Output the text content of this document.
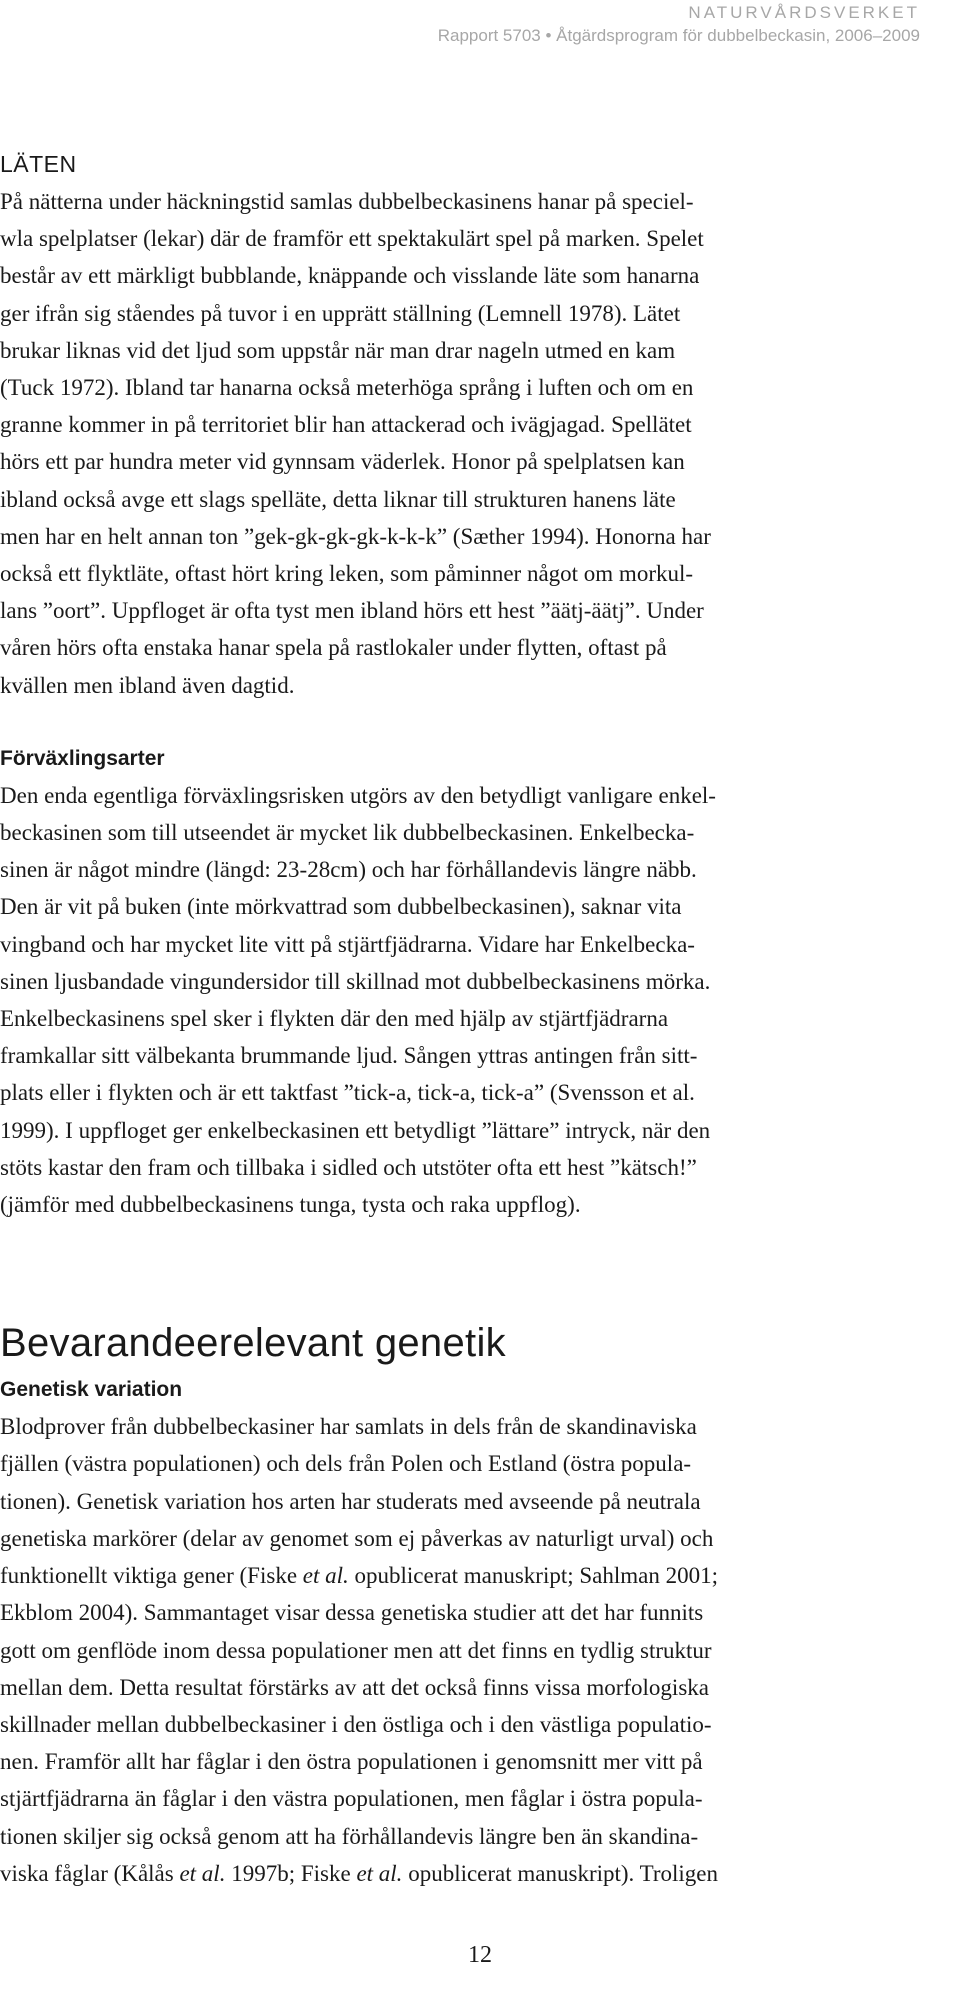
NATURVÅRDSVERKET
Rapport 5703 • Åtgärdsprogram för dubbelbeckasin, 2006–2009
LÄTEN

På nätterna under häckningstid samlas dubbelbeckasinens hanar på speciel-
wla spelplatser (lekar) där de framför ett spektakulärt spel på marken. Spelet
består av ett märkligt bubblande, knäppande och visslande läte som hanarna
ger ifrån sig ståendes på tuvor i en upprätt ställning (Lemnell 1978). Lätet
brukar liknas vid det ljud som uppstår när man drar nageln utmed en kam
(Tuck 1972). Ibland tar hanarna också meterhöga språng i luften och om en
granne kommer in på territoriet blir han attackerad och ivägjagad. Spellätet
hörs ett par hundra meter vid gynnsam väderlek. Honor på spelplatsen kan
ibland också avge ett slags spelläte, detta liknar till strukturen hanens läte
men har en helt annan ton ”gek-gk-gk-gk-k-k-k” (Sæther 1994). Honorna har
också ett flyktläte, oftast hört kring leken, som påminner något om morkul-
lans ”oort”. Uppfloget är ofta tyst men ibland hörs ett hest ”äätj-äätj”. Under
våren hörs ofta enstaka hanar spela på rastlokaler under flytten, oftast på
kvällen men ibland även dagtid.

Förväxlingsarter

Den enda egentliga förväxlingsrisken utgörs av den betydligt vanligare enkel-
beckasinen som till utseendet är mycket lik dubbelbeckasinen. Enkelbecka-
sinen är något mindre (längd: 23-28cm) och har förhållandevis längre näbb.
Den är vit på buken (inte mörkvattrad som dubbelbeckasinen), saknar vita
vingband och har mycket lite vitt på stjärtfjädrarna. Vidare har Enkelbecka-
sinen ljusbandade vingundersidor till skillnad mot dubbelbeckasinens mörka.
Enkelbeckasinens spel sker i flykten där den med hjälp av stjärtfjädrarna
framkallar sitt välbekanta brummande ljud. Sången yttras antingen från sitt-
plats eller i flykten och är ett taktfast ”tick-a, tick-a, tick-a” (Svensson et al.
1999). I uppfloget ger enkelbeckasinen ett betydligt ”lättare” intryck, när den
stöts kastar den fram och tillbaka i sidled och utstöter ofta ett hest ”kätsch!”
(jämför med dubbelbeckasinens tunga, tysta och raka uppflog).

Bevarandeerelevant genetik
Genetisk variation

Blodprover från dubbelbeckasiner har samlats in dels från de skandinaviska
fjällen (västra populationen) och dels från Polen och Estland (östra popula-
tionen). Genetisk variation hos arten har studerats med avseende på neutrala
genetiska markörer (delar av genomet som ej påverkas av naturligt urval) och
funktionellt viktiga gener (Fiske et al. opublicerat manuskript; Sahlman 2001;
Ekblom 2004). Sammantaget visar dessa genetiska studier att det har funnits
gott om genflöde inom dessa populationer men att det finns en tydlig struktur
mellan dem. Detta resultat förstärks av att det också finns vissa morfologiska
skillnader mellan dubbelbeckasiner i den östliga och i den västliga populatio-
nen. Framför allt har fåglar i den östra populationen i genomsnitt mer vitt på
stjärtfjädrarna än fåglar i den västra populationen, men fåglar i östra popula-
tionen skiljer sig också genom att ha förhållandevis längre ben än skandina-
viska fåglar (Kålås et al. 1997b; Fiske et al. opublicerat manuskript). Troligen

12
